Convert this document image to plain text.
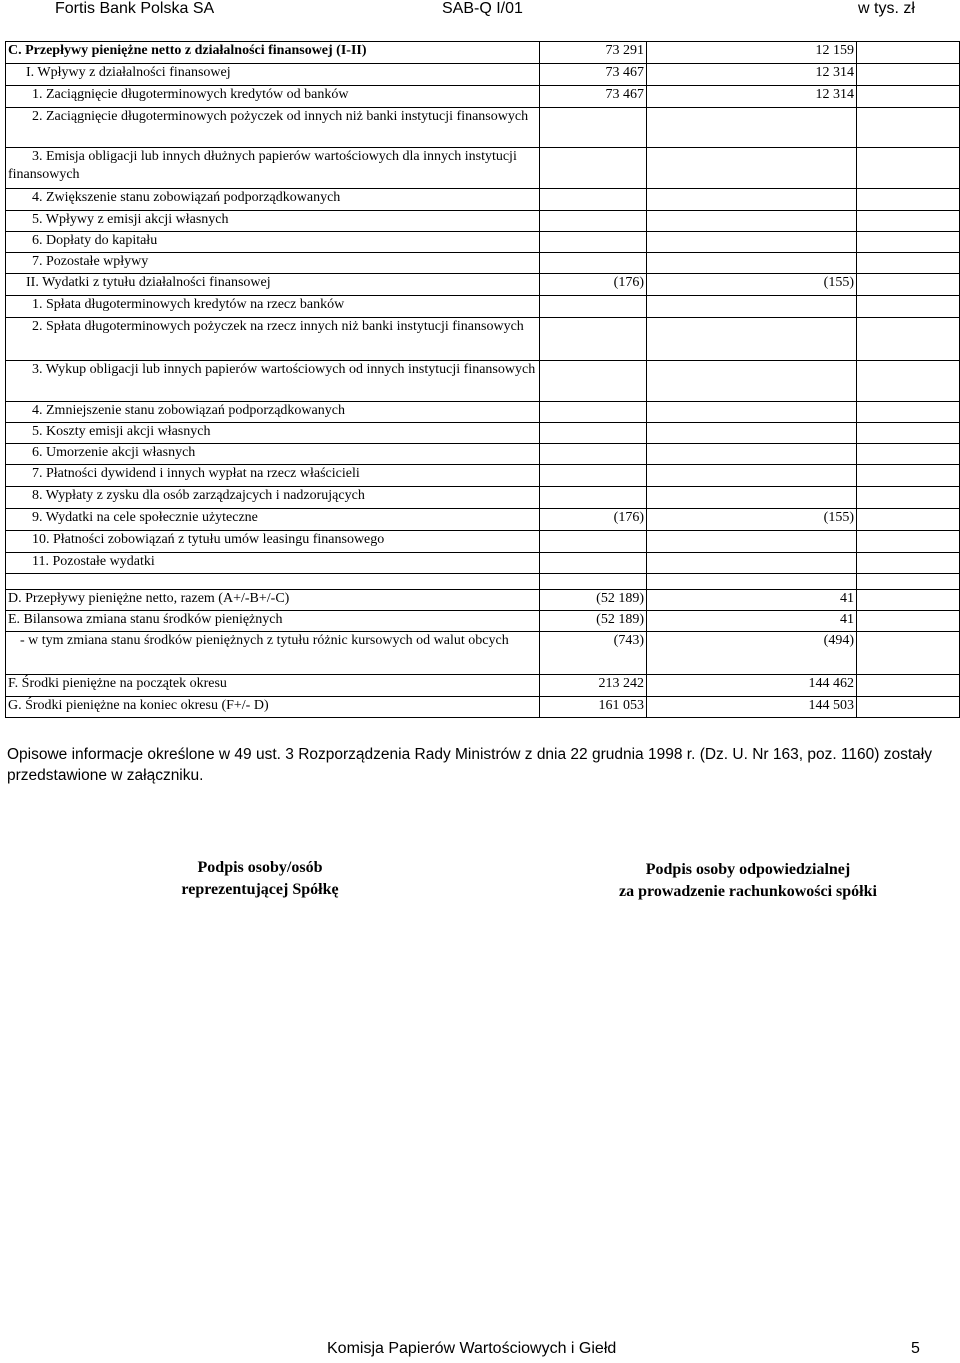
Fortis Bank Polska SA	SAB-Q I/01	w tys. zł
C. Przepływy pieniężne netto z działalności finansowej (I-II)	73 291	12 159	
I. Wpływy z działalności finansowej	73 467	12 314	
1. Zaciągnięcie długoterminowych kredytów od banków	73 467	12 314	
2. Zaciągnięcie długoterminowych pożyczek od innych niż banki instytucji finansowych			
3. Emisja obligacji lub innych dłużnych papierów wartościowych dla innych instytucji finansowych			
4. Zwiększenie stanu zobowiązań podporządkowanych			
5. Wpływy z emisji akcji własnych			
6. Dopłaty do kapitału			
7. Pozostałe wpływy			
II. Wydatki z tytułu działalności finansowej	(176)	(155)	
1. Spłata długoterminowych kredytów na rzecz banków			
2. Spłata długoterminowych pożyczek na rzecz innych niż banki instytucji finansowych			
3. Wykup obligacji lub innych papierów wartościowych od innych instytucji finansowych			
4. Zmniejszenie stanu zobowiązań podporządkowanych			
5. Koszty emisji akcji własnych			
6. Umorzenie akcji własnych			
7. Płatności dywidend i innych wypłat na rzecz właścicieli			
8. Wypłaty z zysku dla osób zarządzajcych i nadzorujących			
9. Wydatki na cele społecznie użyteczne	(176)	(155)	
10. Płatności zobowiązań z tytułu umów leasingu finansowego			
11. Pozostałe wydatki			

D. Przepływy pieniężne netto, razem (A+/-B+/-C)	(52 189)	41	
E. Bilansowa zmiana stanu środków pieniężnych	(52 189)	41	
- w tym zmiana stanu środków pieniężnych z tytułu różnic kursowych od walut obcych	(743)	(494)	
F. Środki pieniężne na początek okresu	213 242	144 462	
G. Środki pieniężne na koniec okresu (F+/- D)	161 053	144 503	
Opisowe informacje określone w 49 ust. 3 Rozporządzenia Rady Ministrów z dnia 22 grudnia 1998 r. (Dz. U. Nr 163, poz. 1160) zostały przedstawione w załączniku.
Podpis osoby/osób
reprezentującej Spółkę
Podpis osoby odpowiedzialnej
za prowadzenie rachunkowości spółki
Komisja Papierów Wartościowych i Giełd	5
